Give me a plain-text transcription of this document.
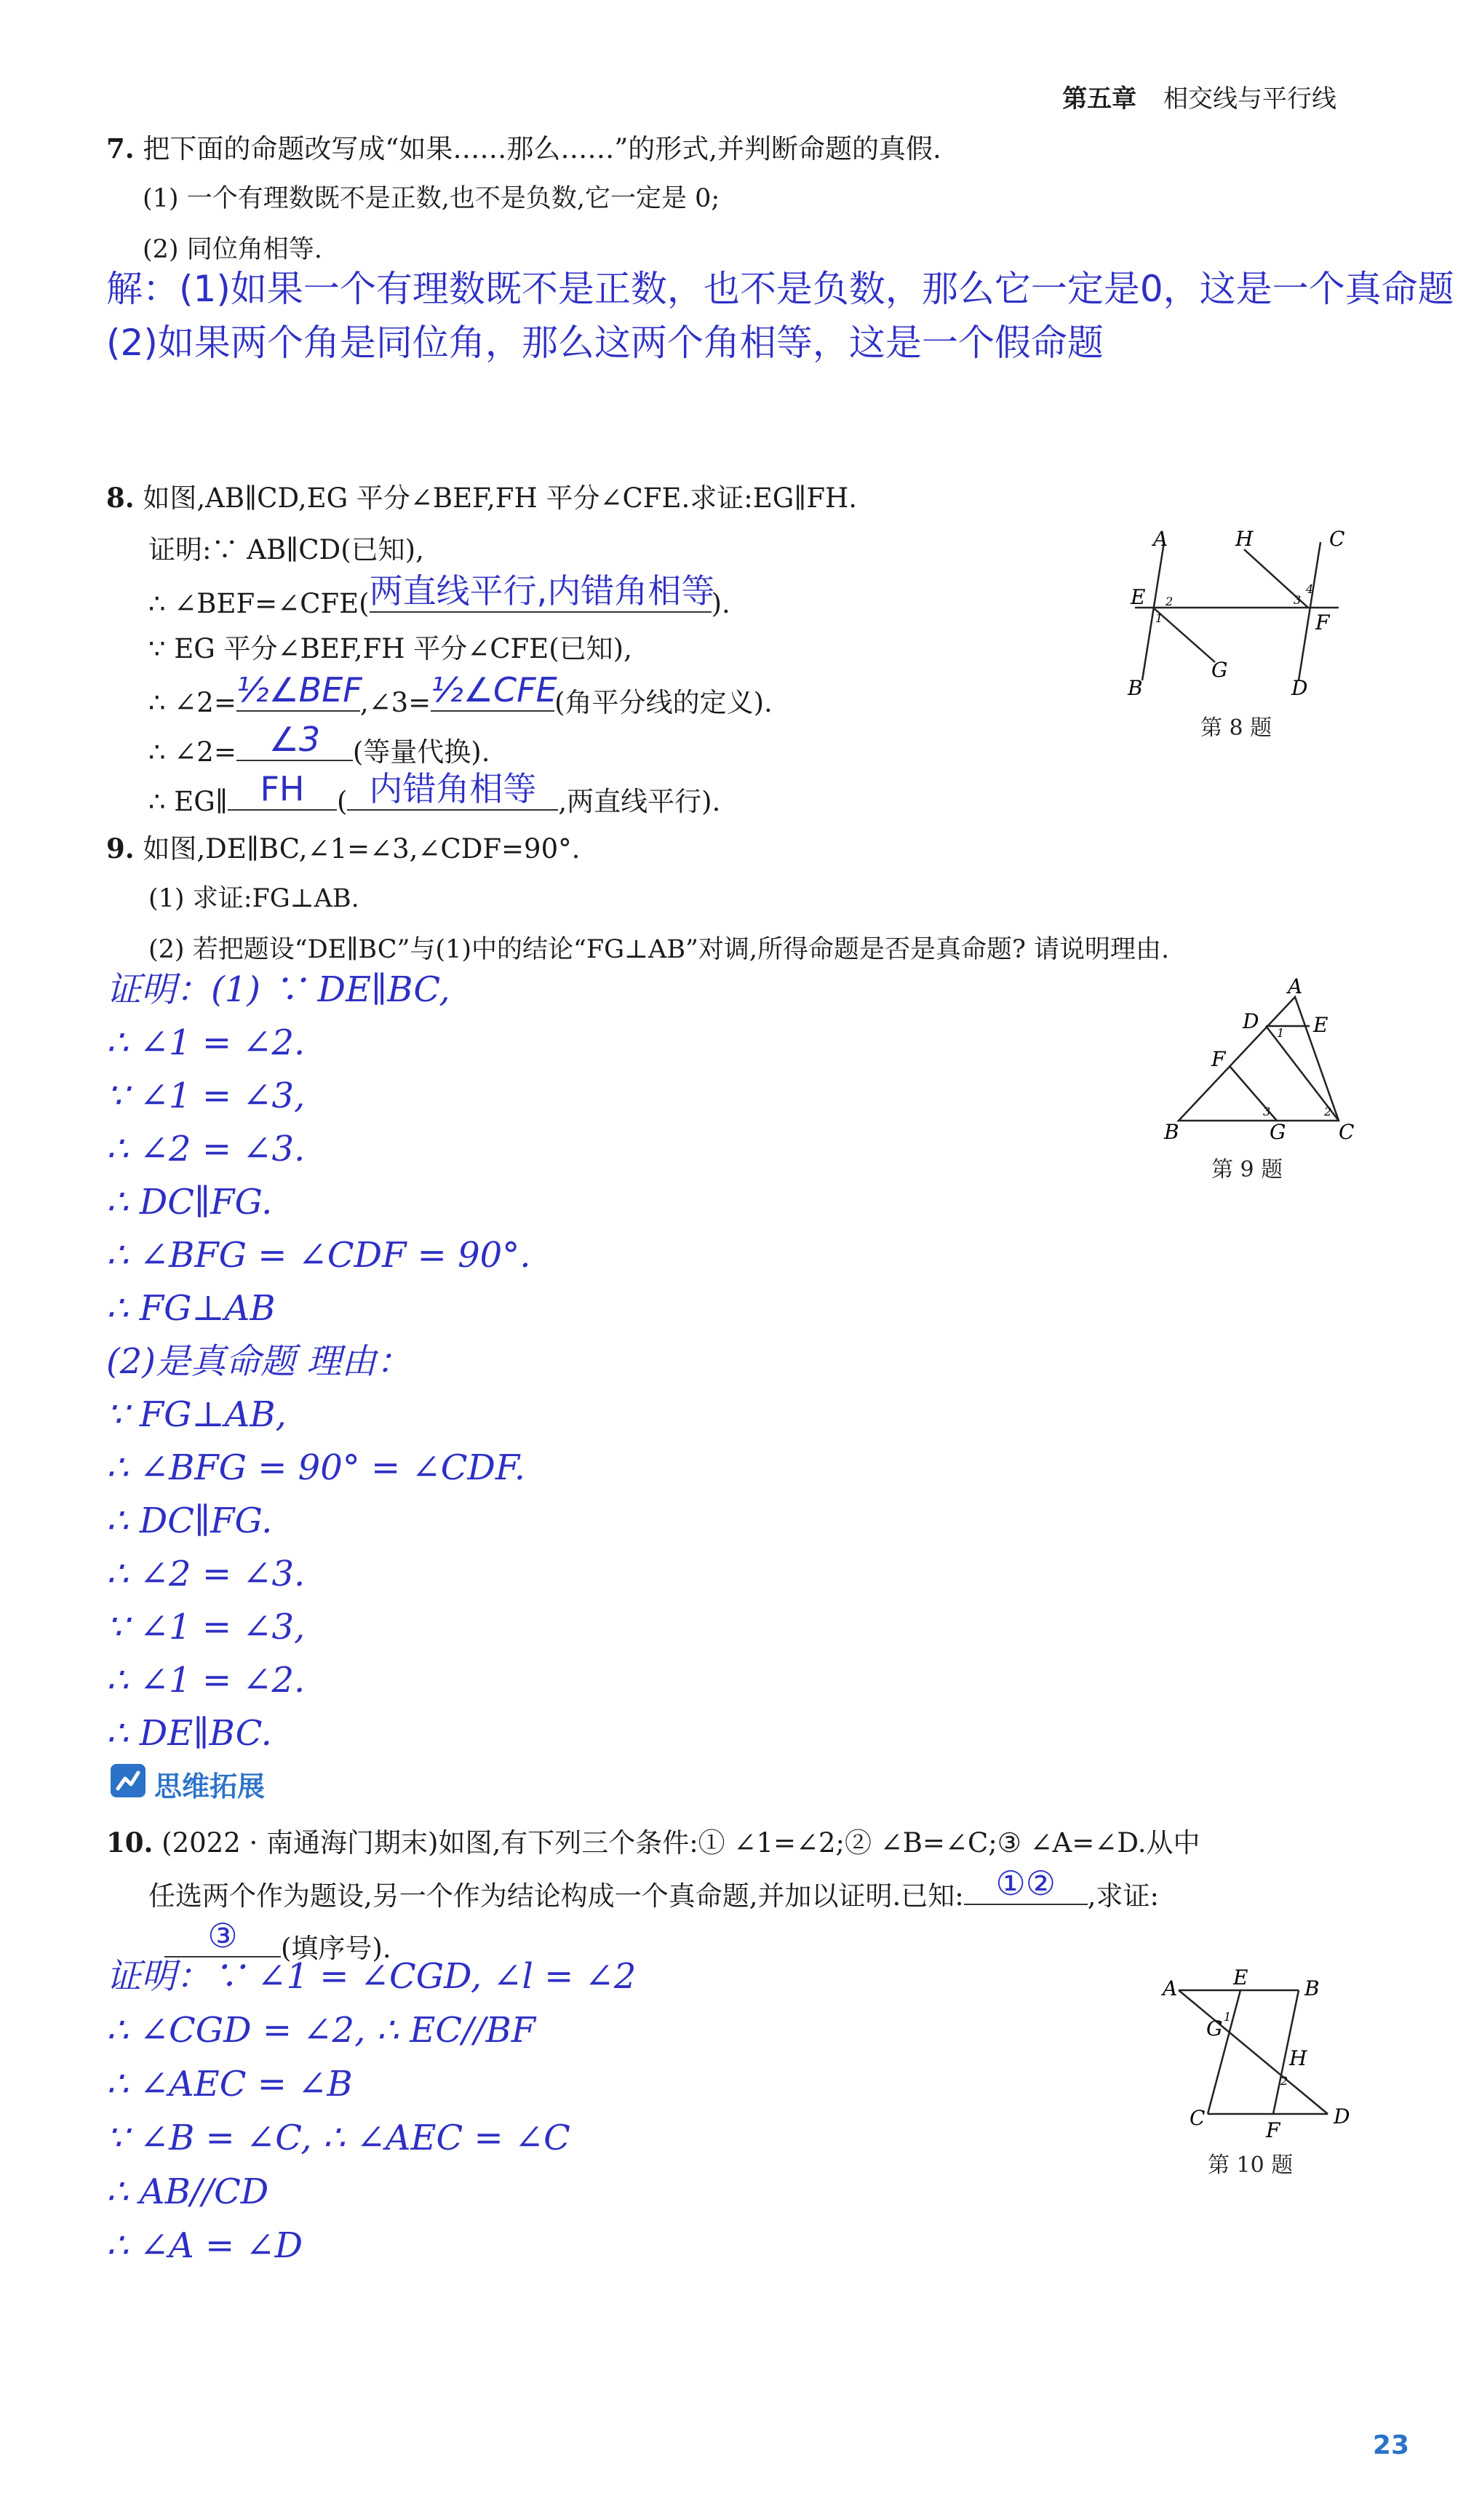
第五章 相交线与平行线
7. 把下面的命题改写成“如果……那么……”的形式,并判断命题的真假.
(1) 一个有理数既不是正数,也不是负数,它一定是 0;
(2) 同位角相等.
解：(1)如果一个有理数既不是正数，也不是负数，那么它一定是0，这是一个真命题
(2)如果两个角是同位角，那么这两个角相等，这是一个假命题
8. 如图,AB∥CD,EG 平分∠BEF,FH 平分∠CFE.求证:EG∥FH.
证明:∵ AB∥CD(已知),
∴ ∠BEF=∠CFE( 两直线平行,内错角相等
).
∵ EG 平分∠BEF,FH 平分∠CFE(已知),
∴ ∠2= ½∠BEF
,∠3= ½∠CFE
(角平分线的定义).
∴ ∠2= ∠3	(等量代换).
∴ EG∥ FH	( 内错角相等 ,两直线平行).
A	H	C
E
F
G
B	D
2
1
3
4
第 8 题
9. 如图,DE∥BC,∠1=∠3,∠CDF=90°.
(1) 求证:FG⊥AB.
(2) 若把题设“DE∥BC”与(1)中的结论“FG⊥AB”对调,所得命题是否是真命题? 请说明理由.
证明：(1) ∵ DE∥BC,
∴ ∠1 = ∠2.
∵ ∠1 = ∠3,
∴ ∠2 = ∠3.
∴ DC∥FG.
∴ ∠BFG = ∠CDF = 90°.
∴ FG⊥AB
(2)是真命题 理由：
∵ FG⊥AB,
∴ ∠BFG = 90° = ∠CDF.
∴ DC∥FG.
∴ ∠2 = ∠3.
∵ ∠1 = ∠3,
∴ ∠1 = ∠2.
∴ DE∥BC.
A
D	E
F
B	G	C
1
2
3
第 9 题
思维拓展
10. (2022 · 南通海门期末)如图,有下列三个条件:① ∠1=∠2;② ∠B=∠C;③ ∠A=∠D.从中
任选两个作为题设,另一个作为结论构成一个真命题,并加以证明.已知: ①②	,求证:
③	(填序号).
证明：∵ ∠1 = ∠CGD, ∠l = ∠2
∴ ∠CGD = ∠2, ∴ EC//BF
∴ ∠AEC = ∠B
∵ ∠B = ∠C, ∴ ∠AEC = ∠C
∴ AB//CD
∴ ∠A = ∠D
A	E	B
G
H
C
F
D
1
2
第 10 题
23
